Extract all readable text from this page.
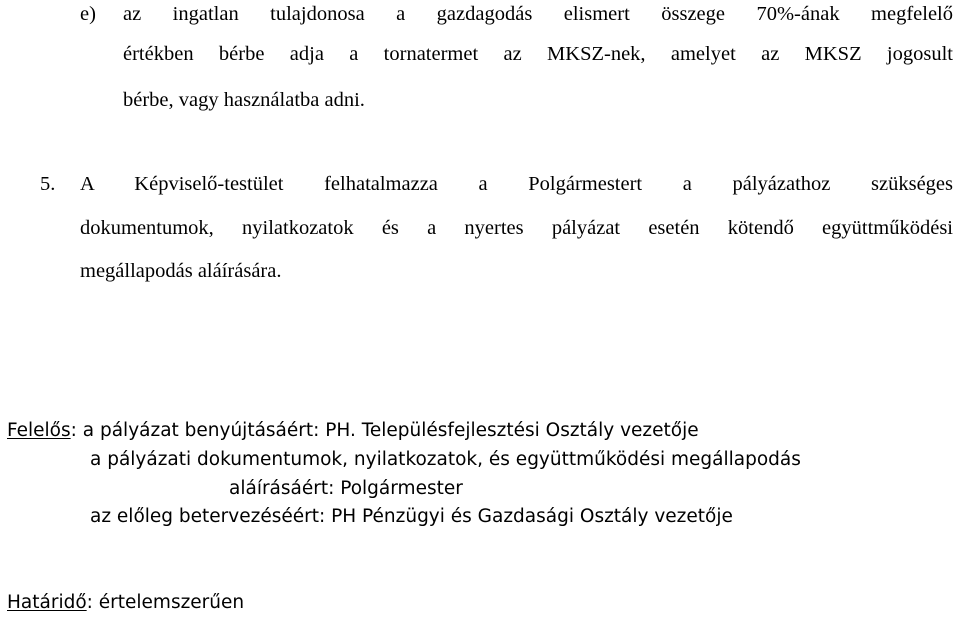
e) az ingatlan tulajdonosa a gazdagodás elismert összege 70%-ának megfelelő
értékben bérbe adja a tornatermet az MKSZ-nek, amelyet az MKSZ jogosult
bérbe, vagy használatba adni.
5. A Képviselő-testület felhatalmazza a Polgármestert a pályázathoz szükséges
dokumentumok, nyilatkozatok és a nyertes pályázat esetén kötendő együttműködési
megállapodás aláírására.
Felelős: a pályázat benyújtásáért: PH. Településfejlesztési Osztály vezetője
a pályázati dokumentumok, nyilatkozatok, és együttműködési megállapodás
aláírásáért: Polgármester
az előleg betervezéséért: PH Pénzügyi és Gazdasági Osztály vezetője
Határidő: értelemszerűen
